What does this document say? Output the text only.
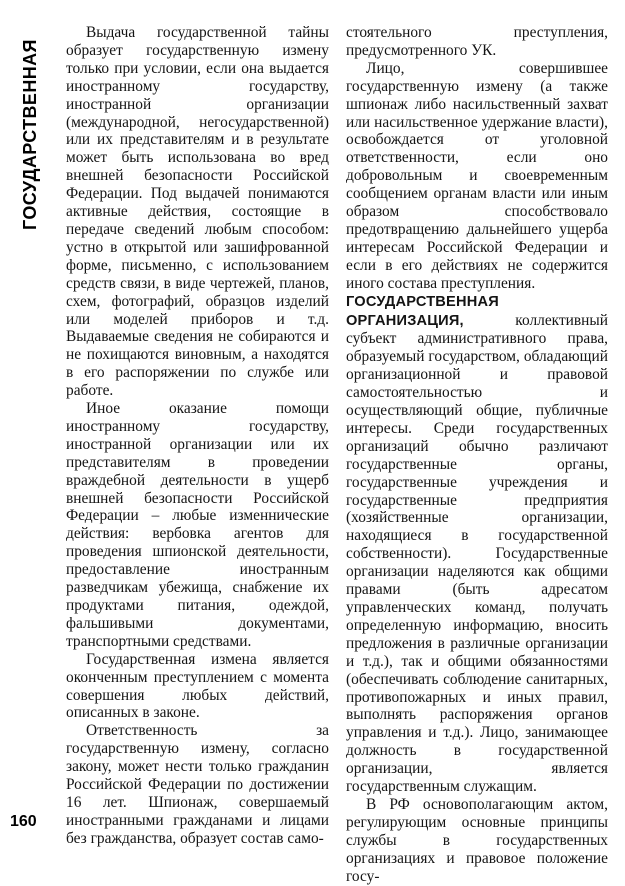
ГОСУДАРСТВЕННАЯ

Выдача государственной тайны образует государственную измену только при условии, если она выдается иностранному государству, иностранной организации (международной, негосударственной) или их представителям и в результате может быть использована во вред внешней безопасности Российской Федерации. Под выдачей понимаются активные действия, состоящие в передаче сведений любым способом: устно в открытой или зашифрованной форме, письменно, с использованием средств связи, в виде чертежей, планов, схем, фотографий, образцов изделий или моделей приборов и т.д. Выдаваемые сведения не собираются и не похищаются виновным, а находятся в его распоряжении по службе или работе.

Иное оказание помощи иностранному государству, иностранной организации или их представителям в проведении враждебной деятельности в ущерб внешней безопасности Российской Федерации – любые изменнические действия: вербовка агентов для проведения шпионской деятельности, предоставление иностранным разведчикам убежища, снабжение их продуктами питания, одеждой, фальшивыми документами, транспортными средствами.

Государственная измена является оконченным преступлением с момента совершения любых действий, описанных в законе.

Ответственность за государственную измену, согласно закону, может нести только гражданин Российской Федерации по достижении 16 лет. Шпионаж, совершаемый иностранными гражданами и лицами без гражданства, образует состав само-

стоятельного преступления, предусмотренного УК.

Лицо, совершившее государственную измену (а также шпионаж либо насильственный захват или насильственное удержание власти), освобождается от уголовной ответственности, если оно добровольным и своевременным сообщением органам власти или иным образом способствовало предотвращению дальнейшего ущерба интересам Российской Федерации и если в его действиях не содержится иного состава преступления.

ГОСУДАРСТВЕННАЯ ОРГАНИЗАЦИЯ,	коллективный субъект административного права, образуемый государством, обладающий организационной и правовой самостоятельностью и осуществляющий общие, публичные интересы. Среди государственных организаций обычно различают государственные органы, государственные учреждения и государственные предприятия (хозяйственные организации, находящиеся в государственной собственности). Государственные организации наделяются как общими правами (быть адресатом управленческих команд, получать определенную информацию, вносить предложения в различные организации и т.д.), так и общими обязанностями (обеспечивать соблюдение санитарных, противопожарных и иных правил, выполнять распоряжения органов управления и т.д.). Лицо, занимающее должность в государственной организации, является государственным служащим.

В РФ основополагающим актом, регулирующим основные принципы службы в государственных организациях и правовое положение госу-

160
